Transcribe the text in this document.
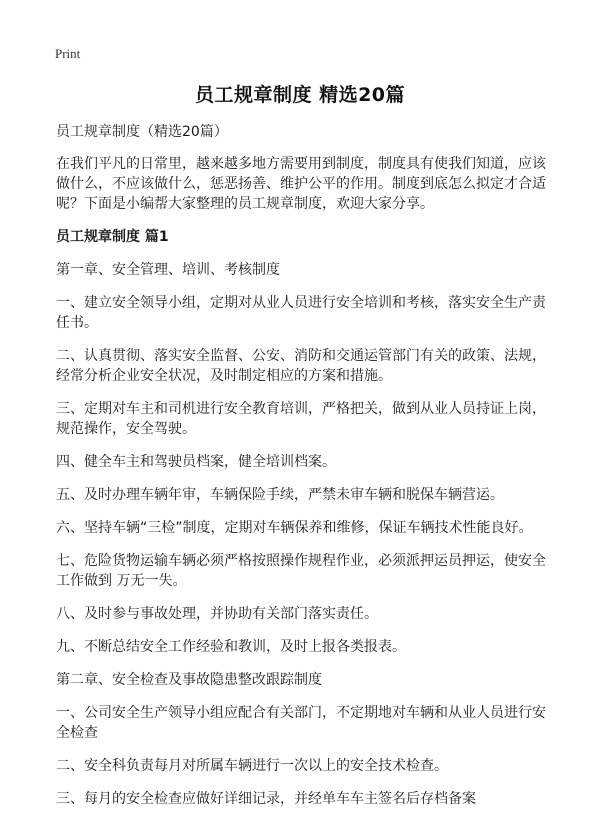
Print
员工规章制度 精选20篇

员工规章制度（精选20篇）

在我们平凡的日常里，越来越多地方需要用到制度，制度具有使我们知道，应该做什么，不应该做什么，惩恶扬善、维护公平的作用。制度到底怎么拟定才合适呢？下面是小编帮大家整理的员工规章制度，欢迎大家分享。

员工规章制度 篇1

第一章、安全管理、培训、考核制度

一、建立安全领导小组，定期对从业人员进行安全培训和考核，落实安全生产责任书。

二、认真贯彻、落实安全监督、公安、消防和交通运管部门有关的政策、法规，经常分析企业安全状况，及时制定相应的方案和措施。

三、定期对车主和司机进行安全教育培训，严格把关，做到从业人员持证上岗，规范操作，安全驾驶。

四、健全车主和驾驶员档案，健全培训档案。

五、及时办理车辆年审，车辆保险手续，严禁未审车辆和脱保车辆营运。

六、坚持车辆“三检”制度，定期对车辆保养和维修，保证车辆技术性能良好。

七、危险货物运输车辆必须严格按照操作规程作业，必须派押运员押运，使安全工作做到 万无一失。

八、及时参与事故处理，并协助有关部门落实责任。

九、不断总结安全工作经验和教训，及时上报各类报表。

第二章、安全检查及事故隐患整改跟踪制度

一、公司安全生产领导小组应配合有关部门，不定期地对车辆和从业人员进行安全检查

二、安全科负责每月对所属车辆进行一次以上的安全技术检查。

三、每月的安全检查应做好详细记录，并经单车车主签名后存档备案
